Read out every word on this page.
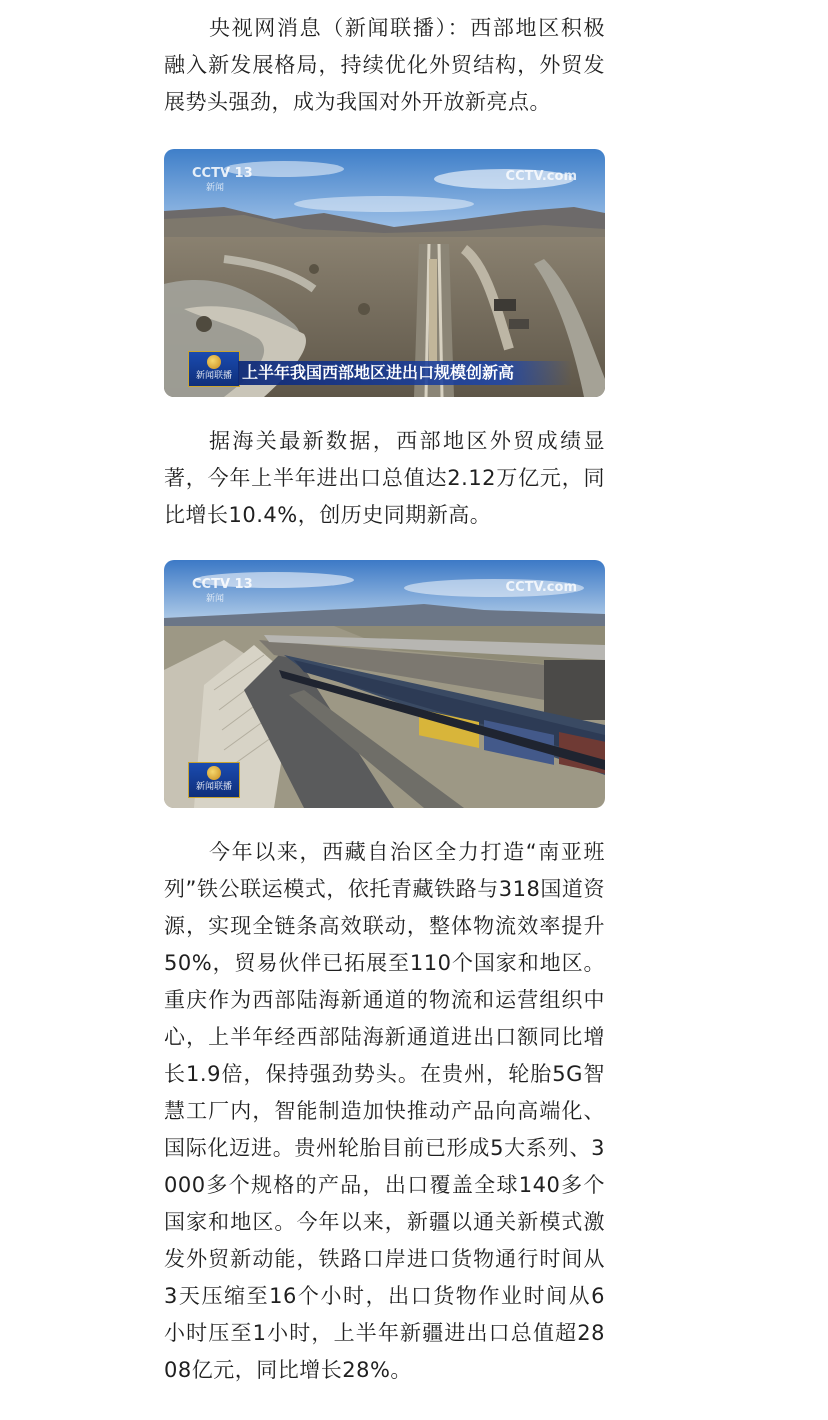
央视网消息（新闻联播）：西部地区积极融入新发展格局，持续优化外贸结构，外贸发展势头强劲，成为我国对外开放新亮点。

CCTV 13
新闻
CCTV.com
新闻联播 上半年我国西部地区进出口规模创新高

据海关最新数据，西部地区外贸成绩显著，今年上半年进出口总值达2.12万亿元，同比增长10.4%，创历史同期新高。

CCTV 13
新闻
CCTV.com
新闻联播

今年以来，西藏自治区全力打造“南亚班列”铁公联运模式，依托青藏铁路与318国道资源，实现全链条高效联动，整体物流效率提升50%，贸易伙伴已拓展至110个国家和地区。重庆作为西部陆海新通道的物流和运营组织中心，上半年经西部陆海新通道进出口额同比增长1.9倍，保持强劲势头。在贵州，轮胎5G智慧工厂内，智能制造加快推动产品向高端化、国际化迈进。贵州轮胎目前已形成5大系列、3000多个规格的产品，出口覆盖全球140多个国家和地区。今年以来，新疆以通关新模式激发外贸新动能，铁路口岸进口货物通行时间从3天压缩至16个小时，出口货物作业时间从6小时压至1小时，上半年新疆进出口总值超2808亿元，同比增长28%。
